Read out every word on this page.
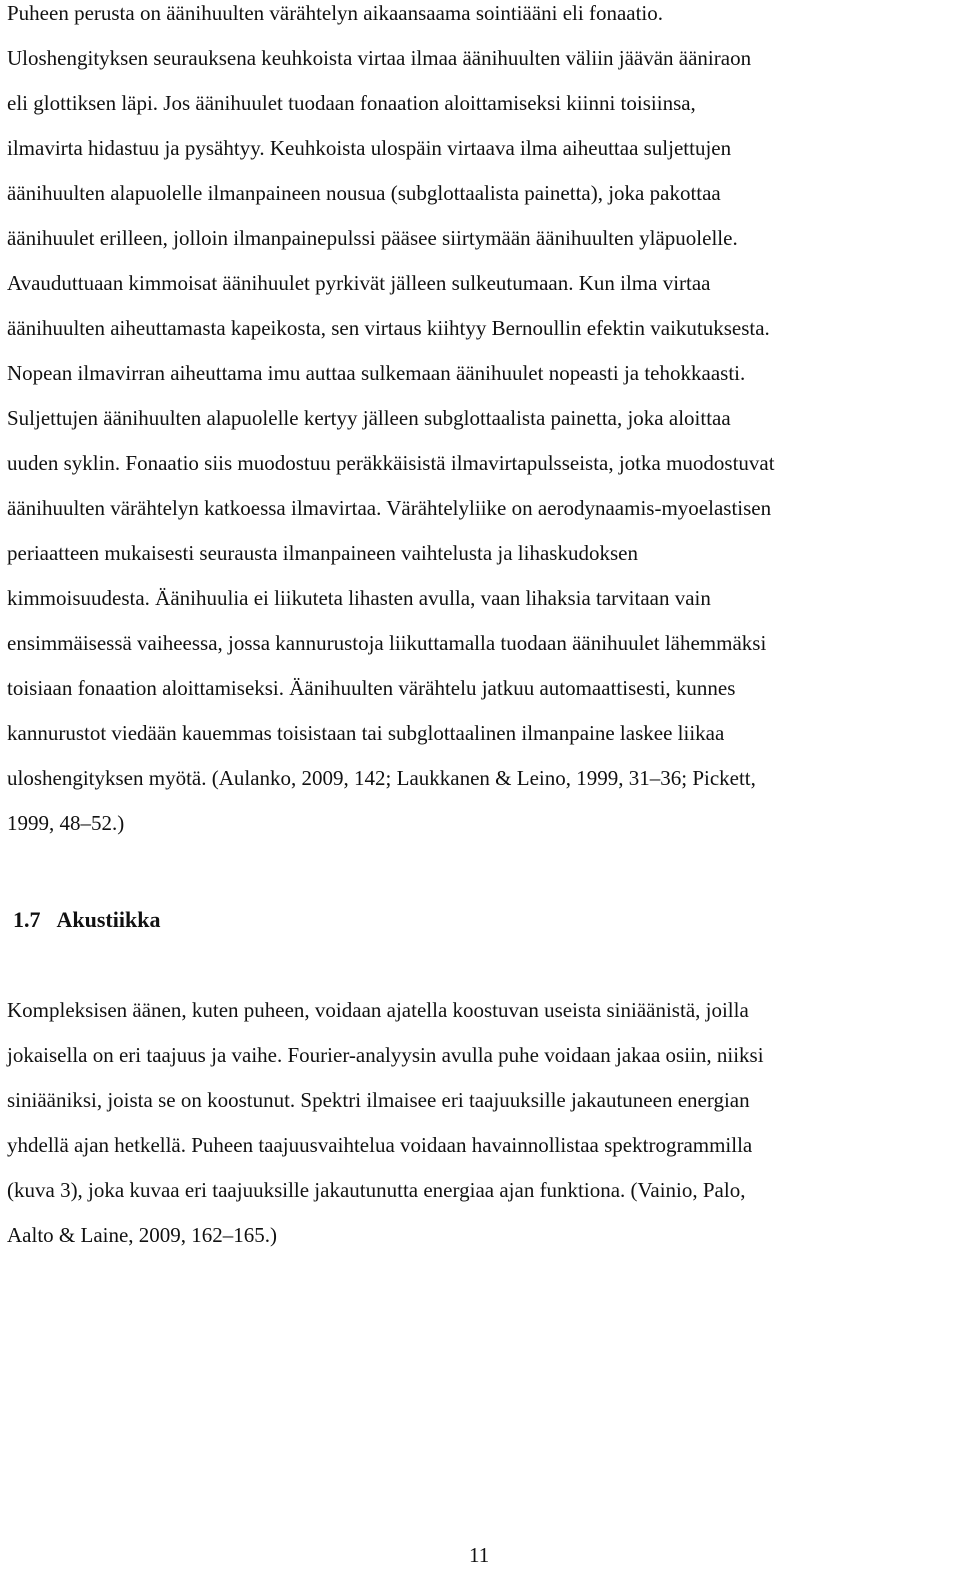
Puheen perusta on äänihuulten värähtelyn aikaansaama sointiääni eli fonaatio.
Uloshengityksen seurauksena keuhkoista virtaa ilmaa äänihuulten väliin jäävän ääniraon
eli glottiksen läpi. Jos äänihuulet tuodaan fonaation aloittamiseksi kiinni toisiinsa,
ilmavirta hidastuu ja pysähtyy. Keuhkoista ulospäin virtaava ilma aiheuttaa suljettujen
äänihuulten alapuolelle ilmanpaineen nousua (subglottaalista painetta), joka pakottaa
äänihuulet erilleen, jolloin ilmanpainepulssi pääsee siirtymään äänihuulten yläpuolelle.
Avauduttuaan kimmoisat äänihuulet pyrkivät jälleen sulkeutumaan. Kun ilma virtaa
äänihuulten aiheuttamasta kapeikosta, sen virtaus kiihtyy Bernoullin efektin vaikutuksesta.
Nopean ilmavirran aiheuttama imu auttaa sulkemaan äänihuulet nopeasti ja tehokkaasti.
Suljettujen äänihuulten alapuolelle kertyy jälleen subglottaalista painetta, joka aloittaa
uuden syklin. Fonaatio siis muodostuu peräkkäisistä ilmavirtapulsseista, jotka muodostuvat
äänihuulten värähtelyn katkoessa ilmavirtaa. Värähtelyliike on aerodynaamis-myoelastisen
periaatteen mukaisesti seurausta ilmanpaineen vaihtelusta ja lihaskudoksen
kimmoisuudesta. Äänihuulia ei liikuteta lihasten avulla, vaan lihaksia tarvitaan vain
ensimmäisessä vaiheessa, jossa kannurustoja liikuttamalla tuodaan äänihuulet lähemmäksi
toisiaan fonaation aloittamiseksi. Äänihuulten värähtelu jatkuu automaattisesti, kunnes
kannurustot viedään kauemmas toisistaan tai subglottaalinen ilmanpaine laskee liikaa
uloshengityksen myötä. (Aulanko, 2009, 142; Laukkanen & Leino, 1999, 31–36; Pickett,
1999, 48–52.)
1.7 Akustiikka
Kompleksisen äänen, kuten puheen, voidaan ajatella koostuvan useista siniäänistä, joilla
jokaisella on eri taajuus ja vaihe. Fourier-analyysin avulla puhe voidaan jakaa osiin, niiksi
siniääniksi, joista se on koostunut. Spektri ilmaisee eri taajuuksille jakautuneen energian
yhdellä ajan hetkellä. Puheen taajuusvaihtelua voidaan havainnollistaa spektrogrammilla
(kuva 3), joka kuvaa eri taajuuksille jakautunutta energiaa ajan funktiona. (Vainio, Palo,
Aalto & Laine, 2009, 162–165.)
11
